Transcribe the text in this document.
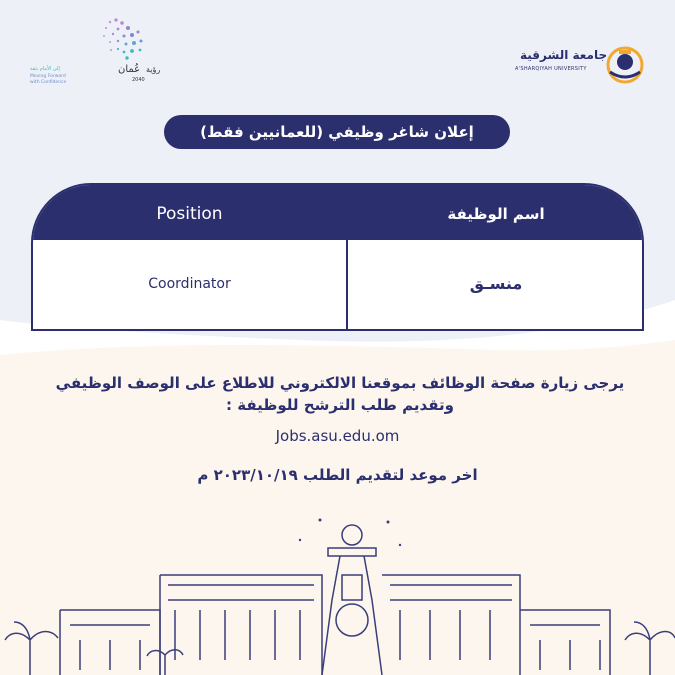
عُمان رؤية
2040
إلى الأمام بثقة
Moving Forward
with Confidence
جامعة الشرقية
A'SHARQIYAH UNIVERSITY
إعلان شاغر وظيفي (للعمانيين فقط)
Position	اسم الوظيفة
Coordinator	منسـق
يرجى زيارة صفحة الوظائف بموقعنا الالكتروني للاطلاع على الوصف الوظيفي
وتقديم طلب الترشح للوظيفة :
Jobs.asu.edu.om
اخر موعد لتقديم الطلب ٢٠٢٣/١٠/١٩ م
